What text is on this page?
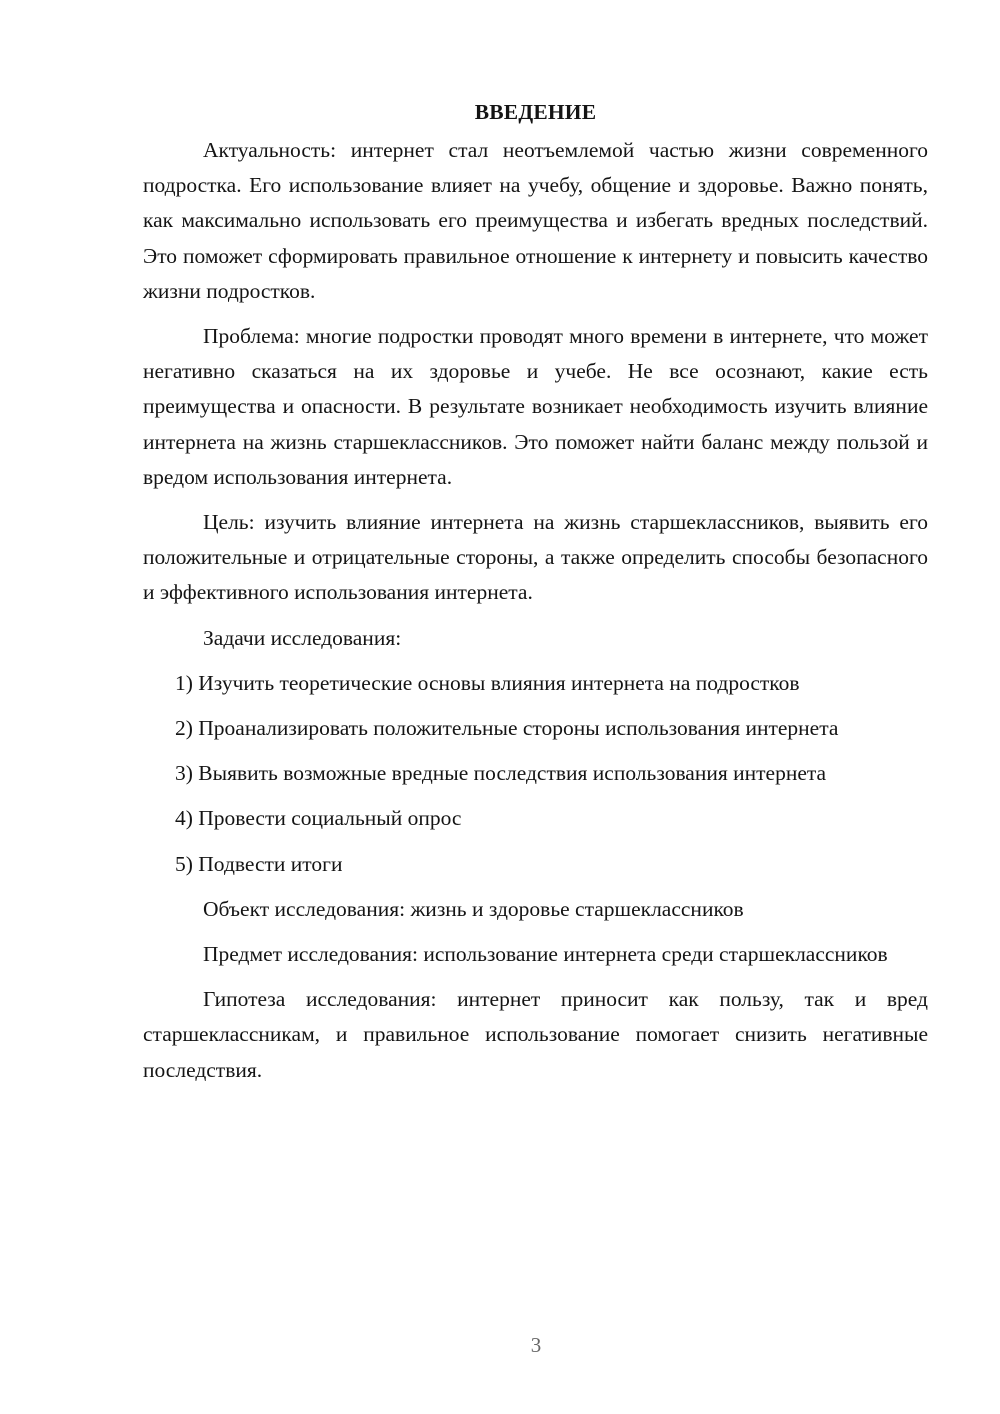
ВВЕДЕНИЕ

Актуальность: интернет стал неотъемлемой частью жизни современного подростка. Его использование влияет на учебу, общение и здоровье. Важно понять, как максимально использовать его преимущества и избегать вредных последствий. Это поможет сформировать правильное отношение к интернету и повысить качество жизни подростков.

Проблема: многие подростки проводят много времени в интернете, что может негативно сказаться на их здоровье и учебе. Не все осознают, какие есть преимущества и опасности. В результате возникает необходимость изучить влияние интернета на жизнь старшеклассников. Это поможет найти баланс между пользой и вредом использования интернета.

Цель: изучить влияние интернета на жизнь старшеклассников, выявить его положительные и отрицательные стороны, а также определить способы безопасного и эффективного использования интернета.

Задачи исследования:

1) Изучить теоретические основы влияния интернета на подростков

2) Проанализировать положительные стороны использования интернета

3) Выявить возможные вредные последствия использования интернета

4) Провести социальный опрос

5) Подвести итоги

Объект исследования: жизнь и здоровье старшеклассников

Предмет исследования: использование интернета среди старшеклассников

Гипотеза исследования: интернет приносит как пользу, так и вред старшеклассникам, и правильное использование помогает снизить негативные последствия.

3
